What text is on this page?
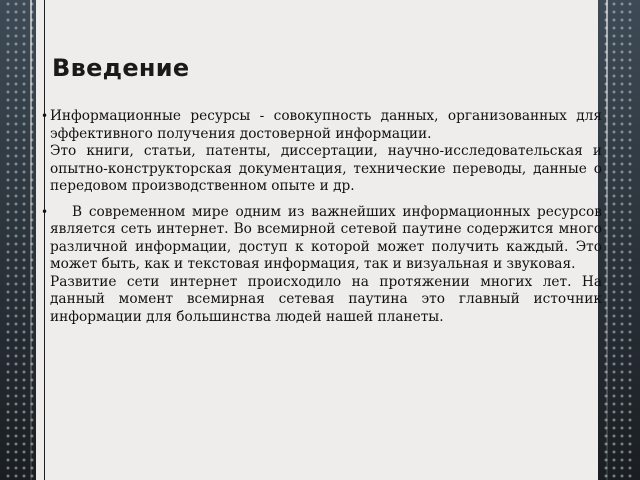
Введение
• Информационные ресурсы - совокупность данных, организованных для эффективного получения достоверной информации.

Это книги, статьи, патенты, диссертации, научно-исследовательская и опытно-конструкторская документация, технические переводы, данные о передовом производственном опыте и др.

•	В современном мире одним из важнейших информационных ресурсов является сеть интернет. Во всемирной сетевой паутине содержится много различной информации, доступ к которой может получить каждый. Это может быть, как и текстовая информация, так и визуальная и звуковая.

Развитие сети интернет происходило на протяжении многих лет. На данный момент всемирная сетевая паутина это главный источник информации для большинства людей нашей планеты.
